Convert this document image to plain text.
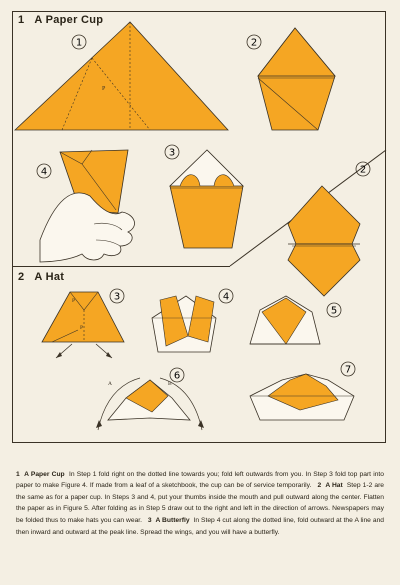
1 A Paper Cup
2 A Hat
P
1	2
4
3
2
P
P
3	4
5
A	B
6
7

1 A Paper Cup In Step 1 fold right on the dotted line towards you; fold left outwards from you. In Step 3 fold top part into paper to make Figure 4. If made from a leaf of a sketchbook, the cup can be of service temporarily. 2 A Hat Step 1-2 are the same as for a paper cup. In Steps 3 and 4, put your thumbs inside the mouth and pull outward along the center. Flatten the paper as in Figure 5. After folding as in Step 5 draw out to the right and left in the direction of arrows. Newspapers may be folded thus to make hats you can wear. 3 A Butterfly In Step 4 cut along the dotted line, fold outward at the A line and then inward and outward at the peak line. Spread the wings, and you will have a butterfly.
